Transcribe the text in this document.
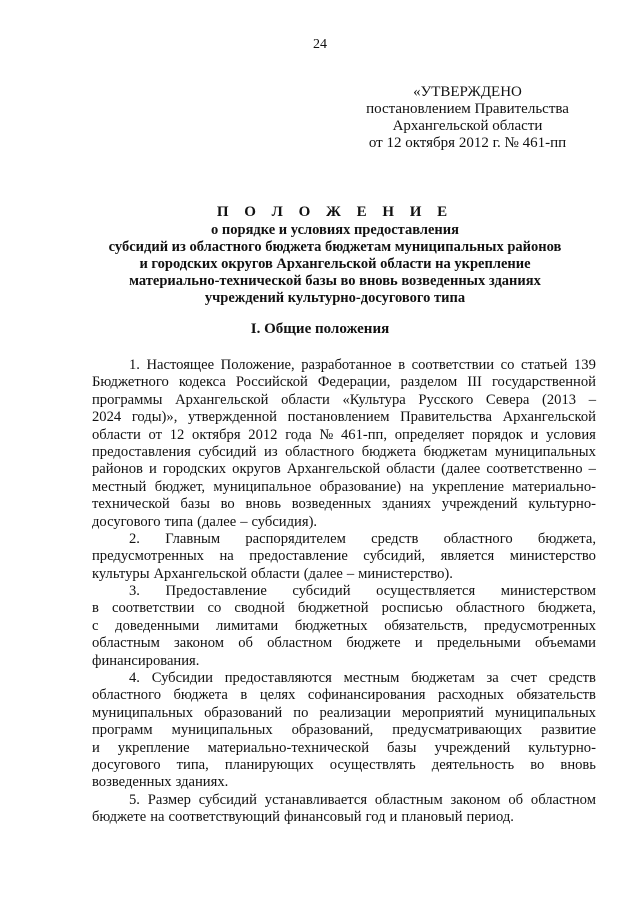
24
«УТВЕРЖДЕНО
постановлением Правительства
Архангельской области
от 12 октября 2012 г. № 461-пп
П О Л О Ж Е Н И Е
о порядке и условиях предоставления
субсидий из областного бюджета бюджетам муниципальных районов
и городских округов Архангельской области на укрепление
материально-технической базы во вновь возведенных зданиях
учреждений культурно-досугового типа
I. Общие положения
1. Настоящее Положение, разработанное в соответствии со статьей 139
Бюджетного кодекса Российской Федерации, разделом III государственной
программы Архангельской области «Культура Русского Севера (2013 –
2024 годы)», утвержденной постановлением Правительства Архангельской
области от 12 октября 2012 года № 461-пп, определяет порядок и условия
предоставления субсидий из областного бюджета бюджетам муниципальных
районов и городских округов Архангельской области (далее соответственно –
местный бюджет, муниципальное образование) на укрепление материально-
технической базы во вновь возведенных зданиях учреждений культурно-
досугового типа (далее – субсидия).
2. Главным распорядителем средств областного бюджета,
предусмотренных на предоставление субсидий, является министерство
культуры Архангельской области (далее – министерство).
3. Предоставление субсидий осуществляется министерством
в соответствии со сводной бюджетной росписью областного бюджета,
с доведенными лимитами бюджетных обязательств, предусмотренных
областным законом об областном бюджете и предельными объемами
финансирования.
4. Субсидии предоставляются местным бюджетам за счет средств
областного бюджета в целях софинансирования расходных обязательств
муниципальных образований по реализации мероприятий муниципальных
программ муниципальных образований, предусматривающих развитие
и укрепление материально-технической базы учреждений культурно-
досугового типа, планирующих осуществлять деятельность во вновь
возведенных зданиях.
5. Размер субсидий устанавливается областным законом об областном
бюджете на соответствующий финансовый год и плановый период.
